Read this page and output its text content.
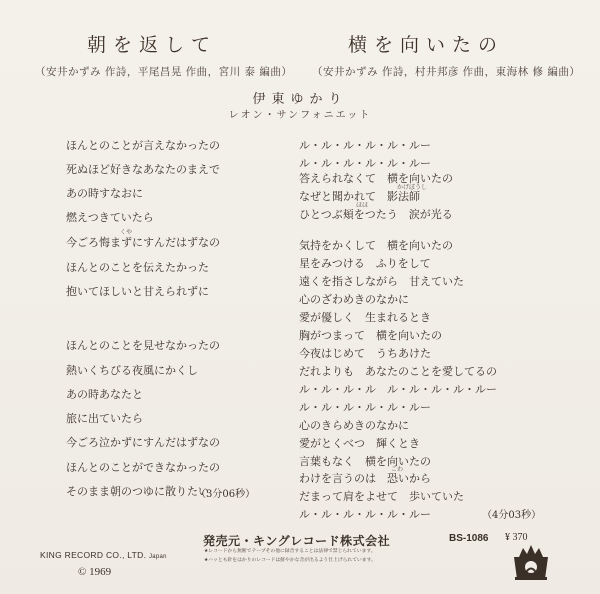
朝を返して	横を向いたの
（安井かずみ 作詩，平尾昌晃 作曲，宮川 泰 編曲） （安井かずみ 作詩，村井邦彦 作曲，東海林 修 編曲）
伊東ゆかり
レオン・サンフォニエット
ほんとのことが言えなかったの
死ぬほど好きなあなたのまえで
あの時すなおに
燃えつきていたら
くや
今ごろ悔まずにすんだはずなの
ほんとのことを伝えたかった
抱いてほしいと甘えられずに
ほんとのことを見せなかったの
熱いくちびる夜風にかくし
あの時あなたと
旅に出ていたら
今ごろ泣かずにすんだはずなの
ほんとのことができなかったの
そのまま朝のつゆに散りたい
（3分06秒）
ル・ル・ル・ル・ル・ルー
ル・ル・ル・ル・ル・ルー
答えられなくて　横を向いたの
かげぼうし
なぜと聞かれて　影法師
ほほ
ひとつぶ頬をつたう　涙が光る
気持をかくして　横を向いたの
星をみつける　ふりをして
遠くを指さしながら　甘えていた
心のざわめきのなかに
愛が優しく　生まれるとき
胸がつまって　横を向いたの
今夜はじめて　うちあけた
だれよりも　あなたのことを愛してるの
ル・ル・ル・ル　ル・ル・ル・ル・ルー
ル・ル・ル・ル・ル・ルー
心のきらめきのなかに
愛がとくべつ　輝くとき
言葉もなく　横を向いたの
こわ
わけを言うのは　恐いから
だまって肩をよせて　歩いていた
ル・ル・ル・ル・ル・ルー	（4分03秒）
KING RECORD CO., LTD. Japan
© 1969
発売元・キングレコード株式会社
★レコードから無断でテープその他に録音することは法律で禁じられています。
★ハッとも針をはかりのレコードは鮮やかな音が出るよう仕上げられています。
BS-1086 ¥ 370
